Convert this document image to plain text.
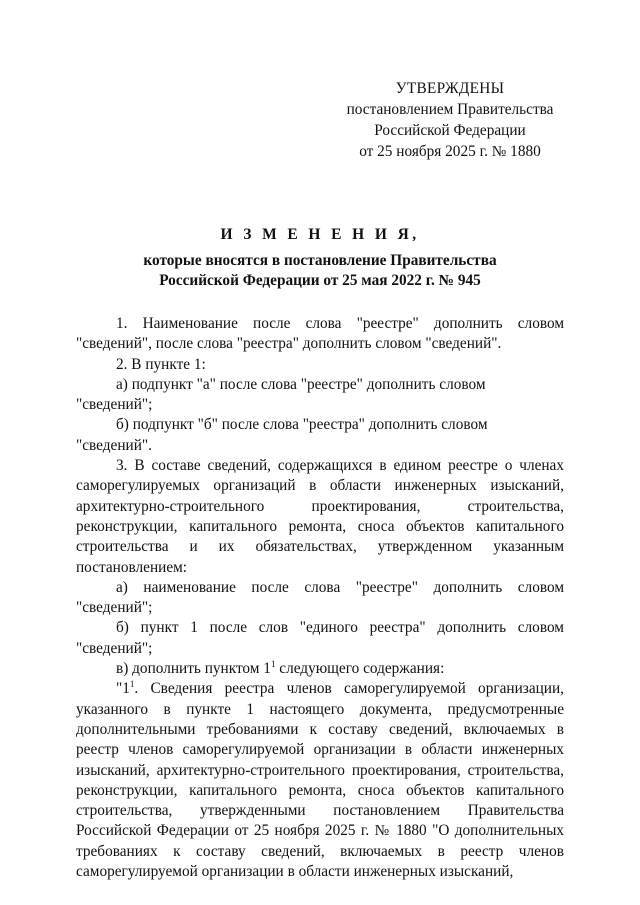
УТВЕРЖДЕНЫ
постановлением Правительства
Российской Федерации
от 25 ноября 2025 г. № 1880
И З М Е Н Е Н И Я,
которые вносятся в постановление Правительства
Российской Федерации от 25 мая 2022 г. № 945

1. Наименование после слова "реестре" дополнить словом "сведений", после слова "реестра" дополнить словом "сведений".

2. В пункте 1:

а) подпункт "а" после слова "реестре" дополнить словом "сведений";

б) подпункт "б" после слова "реестра" дополнить словом "сведений".

3. В составе сведений, содержащихся в едином реестре о членах саморегулируемых организаций в области инженерных изысканий, архитектурно-строительного проектирования, строительства, реконструкции, капитального ремонта, сноса объектов капитального строительства и их обязательствах, утвержденном указанным постановлением:

а) наименование после слова "реестре" дополнить словом "сведений";

б) пункт 1 после слов "единого реестра" дополнить словом "сведений";

в) дополнить пунктом $1^1$ следующего содержания:

"$1^1$. Сведения реестра членов саморегулируемой организации, указанного в пункте 1 настоящего документа, предусмотренные дополнительными требованиями к составу сведений, включаемых в реестр членов саморегулируемой организации в области инженерных изысканий, архитектурно-строительного проектирования, строительства, реконструкции, капитального ремонта, сноса объектов капитального строительства, утвержденными постановлением Правительства Российской Федерации от 25 ноября 2025 г. № 1880 "О дополнительных требованиях к составу сведений, включаемых в реестр членов саморегулируемой организации в области инженерных изысканий,
